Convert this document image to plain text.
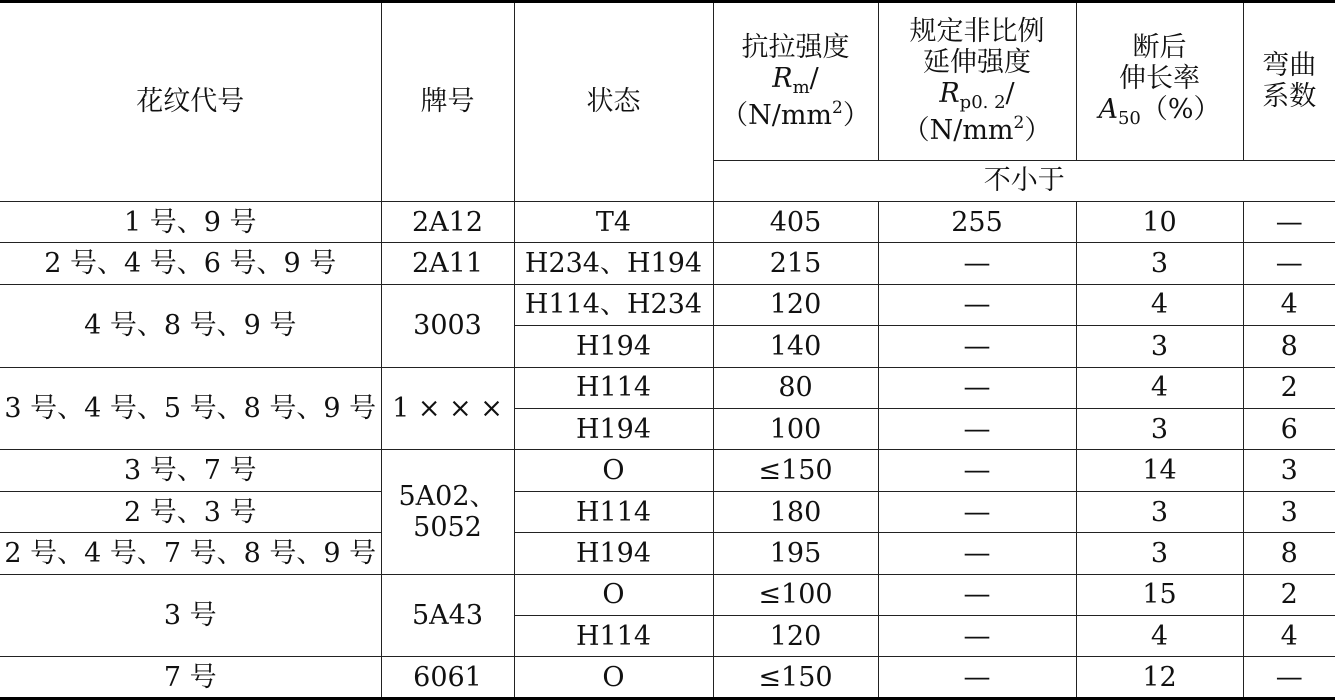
花纹代号	牌号	状态	抗拉强度
$R_m/$
$(N/mm^2)$	规定非比例
延伸强度
$R_{p0. 2}/$
$(N/mm^2)$	断后
伸长率
$A_{50}(\%)$	弯曲
系数

			不小于			
1 号、9 号	2A12	T4	405	255	10	—
2 号、4 号、6 号、9 号	2A11	H234、H194	215	—	3	—
4 号、8 号、9 号	3003	H114、H234	120	—	4	4
		H194	140	—	3	8
3 号、4 号、5 号、8 号、9 号	1 × × ×	H114	80	—	4	2
		H194	100	—	3	6
3 号、7 号	5A02、
5052	O	≤150	—	14	3
2 号、3 号		H114	180	—	3	3
2 号、4 号、7 号、8 号、9 号		H194	195	—	3	8
3 号	5A43	O	≤100	—	15	2
		H114	120	—	4	4
7 号	6061	O	≤150	—	12	—
